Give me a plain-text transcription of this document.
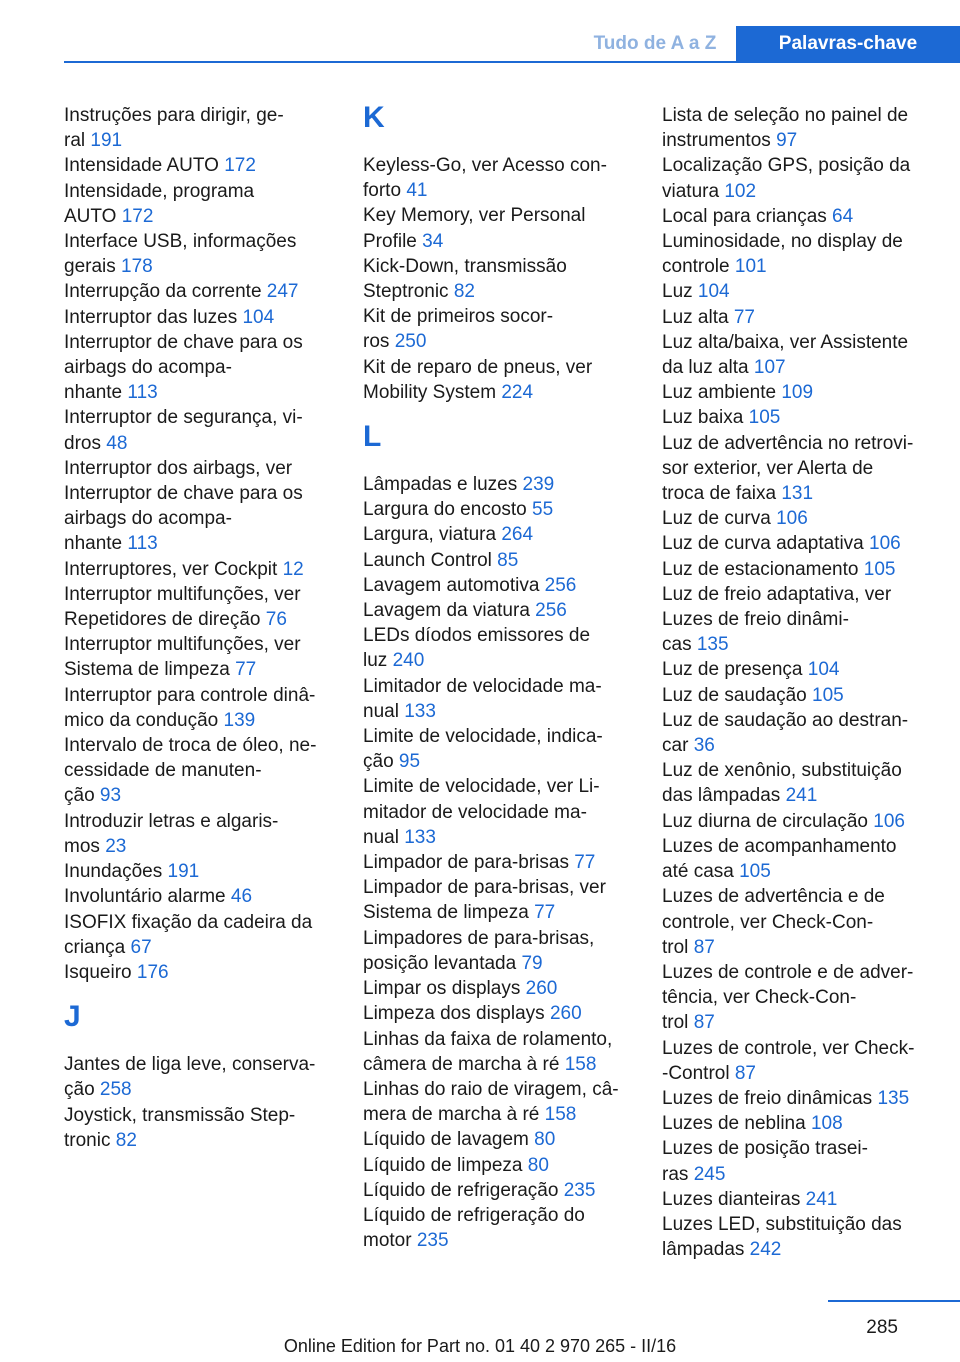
Tudo de A a Z	Palavras-chave
Instruções para dirigir, ge-
ral 191
Intensidade AUTO 172
Intensidade, programa
AUTO 172
Interface USB, informações
gerais 178
Interrupção da corrente 247
Interruptor das luzes 104
Interruptor de chave para os
airbags do acompa-
nhante 113
Interruptor de segurança, vi-
dros 48
Interruptor dos airbags, ver
Interruptor de chave para os
airbags do acompa-
nhante 113
Interruptores, ver Cockpit 12
Interruptor multifunções, ver
Repetidores de direção 76
Interruptor multifunções, ver
Sistema de limpeza 77
Interruptor para controle dinâ-
mico da condução 139
Intervalo de troca de óleo, ne-
cessidade de manuten-
ção 93
Introduzir letras e algaris-
mos 23
Inundações 191
Involuntário alarme 46
ISOFIX fixação da cadeira da
criança 67
Isqueiro 176
J
Jantes de liga leve, conserva-
ção 258
Joystick, transmissão Step-
tronic 82
K
Keyless-Go, ver Acesso con-
forto 41
Key Memory, ver Personal
Profile 34
Kick-Down, transmissão
Steptronic 82
Kit de primeiros socor-
ros 250
Kit de reparo de pneus, ver
Mobility System 224
L
Lâmpadas e luzes 239
Largura do encosto 55
Largura, viatura 264
Launch Control 85
Lavagem automotiva 256
Lavagem da viatura 256
LEDs díodos emissores de
luz 240
Limitador de velocidade ma-
nual 133
Limite de velocidade, indica-
ção 95
Limite de velocidade, ver Li-
mitador de velocidade ma-
nual 133
Limpador de para-brisas 77
Limpador de para-brisas, ver
Sistema de limpeza 77
Limpadores de para-brisas,
posição levantada 79
Limpar os displays 260
Limpeza dos displays 260
Linhas da faixa de rolamento,
câmera de marcha à ré 158
Linhas do raio de viragem, câ-
mera de marcha à ré 158
Líquido de lavagem 80
Líquido de limpeza 80
Líquido de refrigeração 235
Líquido de refrigeração do
motor 235
Lista de seleção no painel de
instrumentos 97
Localização GPS, posição da
viatura 102
Local para crianças 64
Luminosidade, no display de
controle 101
Luz 104
Luz alta 77
Luz alta/baixa, ver Assistente
da luz alta 107
Luz ambiente 109
Luz baixa 105
Luz de advertência no retrovi-
sor exterior, ver Alerta de
troca de faixa 131
Luz de curva 106
Luz de curva adaptativa 106
Luz de estacionamento 105
Luz de freio adaptativa, ver
Luzes de freio dinâmi-
cas 135
Luz de presença 104
Luz de saudação 105
Luz de saudação ao destran-
car 36
Luz de xenônio, substituição
das lâmpadas 241
Luz diurna de circulação 106
Luzes de acompanhamento
até casa 105
Luzes de advertência e de
controle, ver Check-Con-
trol 87
Luzes de controle e de adver-
tência, ver Check-Con-
trol 87
Luzes de controle, ver Check-
-Control 87
Luzes de freio dinâmicas 135
Luzes de neblina 108
Luzes de posição trasei-
ras 245
Luzes dianteiras 241
Luzes LED, substituição das
lâmpadas 242
285
Online Edition for Part no. 01 40 2 970 265 - II/16
